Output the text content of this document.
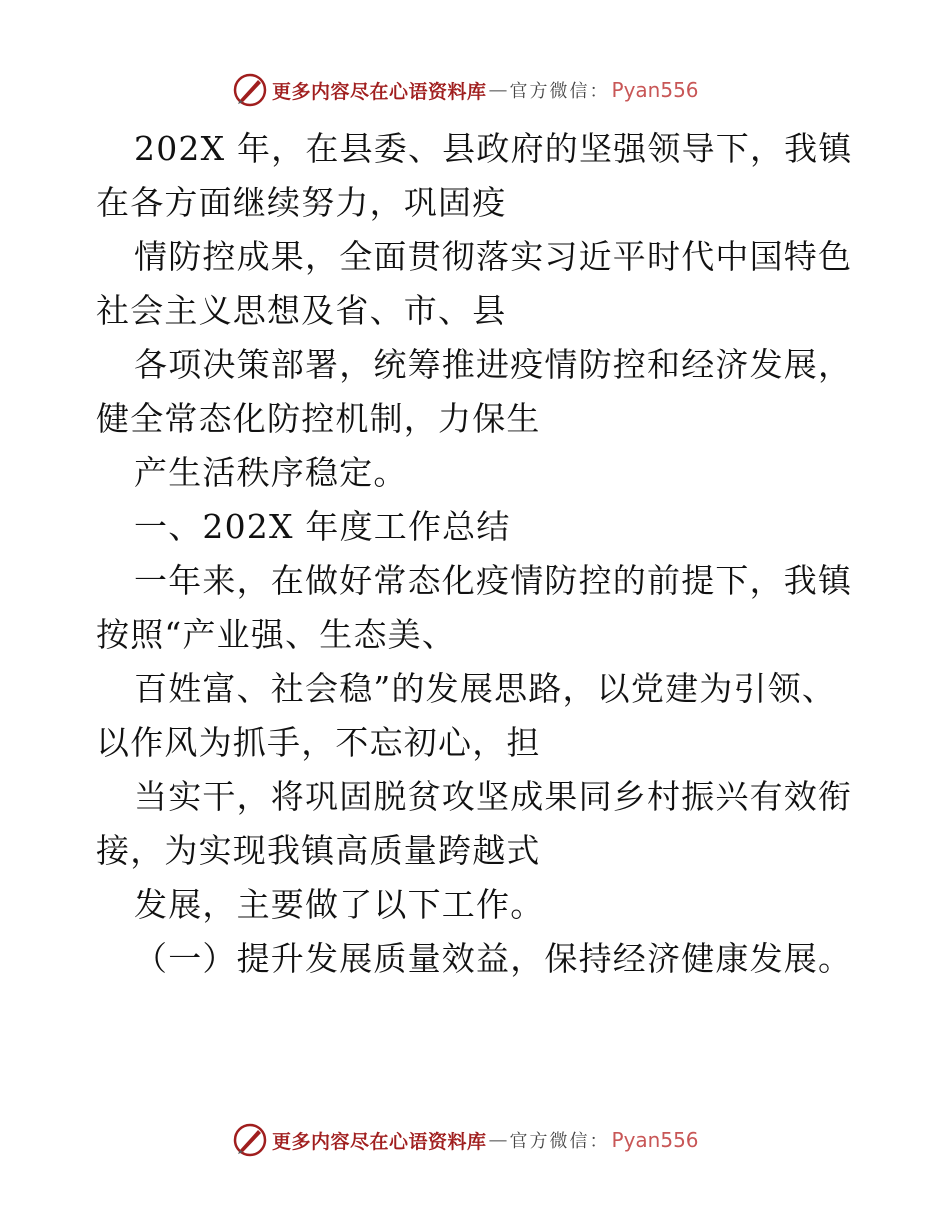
更多内容尽在心语资料库 — 官方微信： Pyan556
202X 年，在县委、县政府的坚强领导下，我镇
在各方面继续努力，巩固疫
情防控成果，全面贯彻落实习近平时代中国特色
社会主义思想及省、市、县
各项决策部署，统筹推进疫情防控和经济发展，
健全常态化防控机制，力保生
产生活秩序稳定。
一、202X 年度工作总结
一年来，在做好常态化疫情防控的前提下，我镇
按照“产业强、生态美、
百姓富、社会稳”的发展思路，以党建为引领、
以作风为抓手，不忘初心，担
当实干，将巩固脱贫攻坚成果同乡村振兴有效衔
接，为实现我镇高质量跨越式
发展，主要做了以下工作。
（一）提升发展质量效益，保持经济健康发展。
更多内容尽在心语资料库 — 官方微信： Pyan556
